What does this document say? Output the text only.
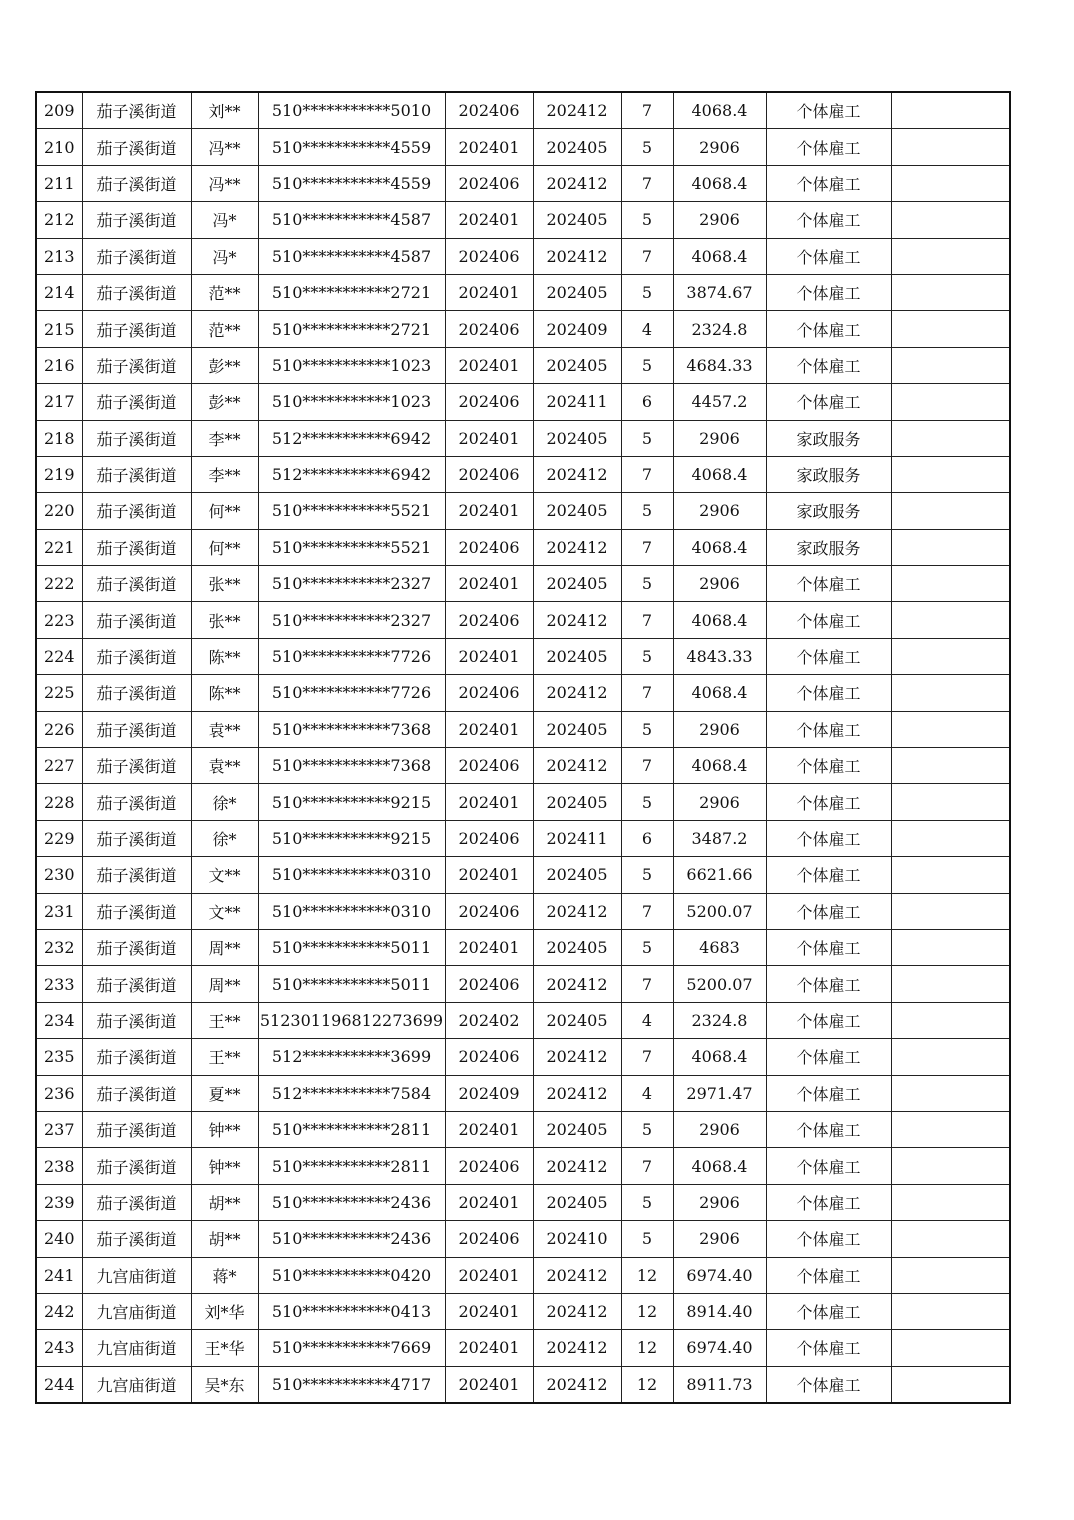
209	茄子溪街道	刘**	510***********5010	202406	202412	7	4068.4	个体雇工	
210	茄子溪街道	冯**	510***********4559	202401	202405	5	2906	个体雇工	
211	茄子溪街道	冯**	510***********4559	202406	202412	7	4068.4	个体雇工	
212	茄子溪街道	冯*	510***********4587	202401	202405	5	2906	个体雇工	
213	茄子溪街道	冯*	510***********4587	202406	202412	7	4068.4	个体雇工	
214	茄子溪街道	范**	510***********2721	202401	202405	5	3874.67	个体雇工	
215	茄子溪街道	范**	510***********2721	202406	202409	4	2324.8	个体雇工	
216	茄子溪街道	彭**	510***********1023	202401	202405	5	4684.33	个体雇工	
217	茄子溪街道	彭**	510***********1023	202406	202411	6	4457.2	个体雇工	
218	茄子溪街道	李**	512***********6942	202401	202405	5	2906	家政服务	
219	茄子溪街道	李**	512***********6942	202406	202412	7	4068.4	家政服务	
220	茄子溪街道	何**	510***********5521	202401	202405	5	2906	家政服务	
221	茄子溪街道	何**	510***********5521	202406	202412	7	4068.4	家政服务	
222	茄子溪街道	张**	510***********2327	202401	202405	5	2906	个体雇工	
223	茄子溪街道	张**	510***********2327	202406	202412	7	4068.4	个体雇工	
224	茄子溪街道	陈**	510***********7726	202401	202405	5	4843.33	个体雇工	
225	茄子溪街道	陈**	510***********7726	202406	202412	7	4068.4	个体雇工	
226	茄子溪街道	袁**	510***********7368	202401	202405	5	2906	个体雇工	
227	茄子溪街道	袁**	510***********7368	202406	202412	7	4068.4	个体雇工	
228	茄子溪街道	徐*	510***********9215	202401	202405	5	2906	个体雇工	
229	茄子溪街道	徐*	510***********9215	202406	202411	6	3487.2	个体雇工	
230	茄子溪街道	文**	510***********0310	202401	202405	5	6621.66	个体雇工	
231	茄子溪街道	文**	510***********0310	202406	202412	7	5200.07	个体雇工	
232	茄子溪街道	周**	510***********5011	202401	202405	5	4683	个体雇工	
233	茄子溪街道	周**	510***********5011	202406	202412	7	5200.07	个体雇工	
234	茄子溪街道	王**	512301196812273699	202402	202405	4	2324.8	个体雇工	
235	茄子溪街道	王**	512***********3699	202406	202412	7	4068.4	个体雇工	
236	茄子溪街道	夏**	512***********7584	202409	202412	4	2971.47	个体雇工	
237	茄子溪街道	钟**	510***********2811	202401	202405	5	2906	个体雇工	
238	茄子溪街道	钟**	510***********2811	202406	202412	7	4068.4	个体雇工	
239	茄子溪街道	胡**	510***********2436	202401	202405	5	2906	个体雇工	
240	茄子溪街道	胡**	510***********2436	202406	202410	5	2906	个体雇工	
241	九宫庙街道	蒋*	510***********0420	202401	202412	12	6974.40	个体雇工	
242	九宫庙街道	刘*华	510***********0413	202401	202412	12	8914.40	个体雇工	
243	九宫庙街道	王*华	510***********7669	202401	202412	12	6974.40	个体雇工	
244	九宫庙街道	吴*东	510***********4717	202401	202412	12	8911.73	个体雇工	
